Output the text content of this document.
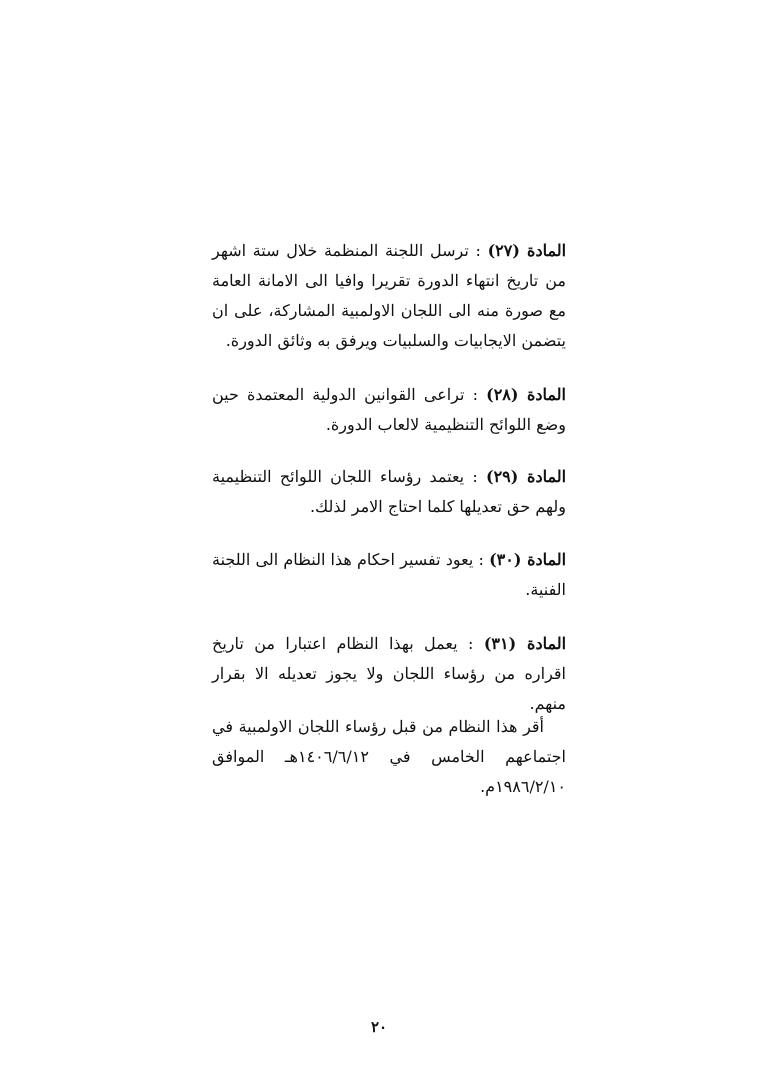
المادة (٢٧) : ترسل اللجنة المنظمة خلال ستة اشهر من تاريخ انتهاء الدورة تقريرا وافيا الى الامانة العامة مع صورة منه الى اللجان الاولمبية المشاركة، على ان يتضمن الايجابيات والسلبيات ويرفق به وثائق الدورة.

المادة (٢٨) : تراعى القوانين الدولية المعتمدة حين وضع اللوائح التنظيمية لالعاب الدورة.

المادة (٢٩) : يعتمد رؤساء اللجان اللوائح التنظيمية ولهم حق تعديلها كلما احتاج الامر لذلك.

المادة (٣٠) : يعود تفسير احكام هذا النظام الى اللجنة الفنية.

المادة (٣١) : يعمل بهذا النظام اعتبارا من تاريخ اقراره من رؤساء اللجان ولا يجوز تعديله الا بقرار منهم.

أقر هذا النظام من قبل رؤساء اللجان الاولمبية في اجتماعهم الخامس في ١٤٠٦/٦/١٢هـ الموافق ١٩٨٦/٢/١٠م.

٢٠
